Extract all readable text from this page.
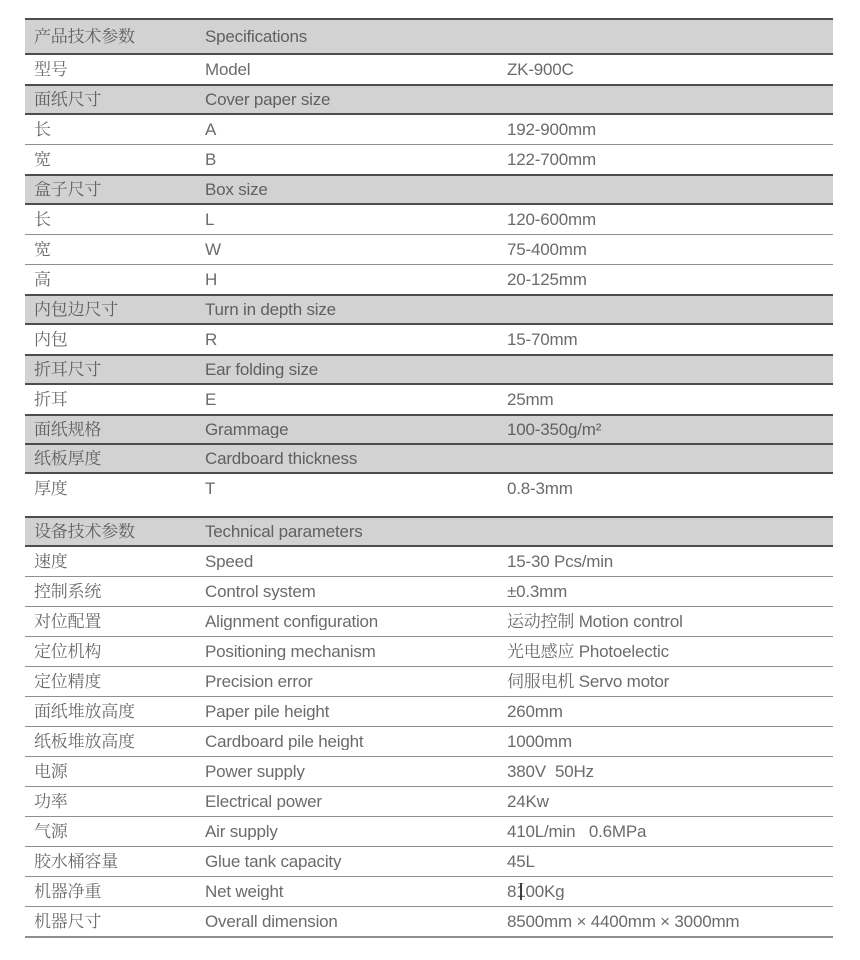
产品技术参数	Specifications
型号	Model	ZK-900C
面纸尺寸	Cover paper size
长	A	192-900mm
宽	B	122-700mm
盒子尺寸	Box size
长	L	120-600mm
宽	W	75-400mm
高	H	20-125mm
内包边尺寸	Turn in depth size
内包	R	15-70mm
折耳尺寸	Ear folding size
折耳	E	25mm
面纸规格	Grammage	100-350g/m²
纸板厚度	Cardboard thickness
厚度	T	0.8-3mm
设备技术参数	Technical parameters
速度	Speed	15-30 Pcs/min
控制系统	Control system	±0.3mm
对位配置	Alignment configuration	运动控制 Motion control
定位机构	Positioning mechanism	光电感应 Photoelectic
定位精度	Precision error	伺服电机 Servo motor
面纸堆放高度	Paper pile height	260mm
纸板堆放高度	Cardboard pile height	1000mm
电源	Power supply	380V  50Hz
功率	Electrical power	24Kw
气源	Air supply	410L/min   0.6MPa
胶水桶容量	Glue tank capacity	45L
机器净重	Net weight	8100Kg
机器尺寸	Overall dimension	8500mm × 4400mm × 3000mm
